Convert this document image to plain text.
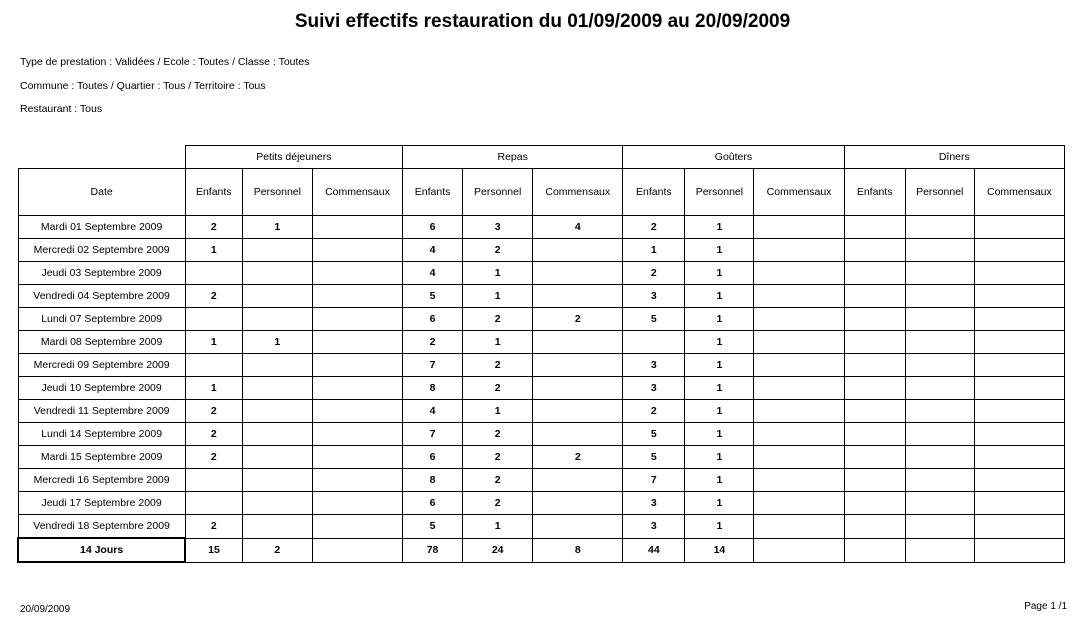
Suivi effectifs restauration du 01/09/2009 au 20/09/2009
Type de prestation : Validées / Ecole : Toutes / Classe : Toutes
Commune : Toutes / Quartier : Tous / Territoire : Tous
Restaurant : Tous
	Petits déjeuners			Repas			Goûters			Dîners		
Date	Enfants	Personnel	Commensaux	Enfants	Personnel	Commensaux	Enfants	Personnel	Commensaux	Enfants	Personnel	Commensaux
Mardi 01 Septembre 2009	2	1		6	3	4	2	1				
Mercredi 02 Septembre 2009	1			4	2		1	1				
Jeudi 03 Septembre 2009				4	1		2	1				
Vendredi 04 Septembre 2009	2			5	1		3	1				
Lundi 07 Septembre 2009				6	2	2	5	1				
Mardi 08 Septembre 2009	1	1		2	1			1				
Mercredi 09 Septembre 2009				7	2		3	1				
Jeudi 10 Septembre 2009	1			8	2		3	1				
Vendredi 11 Septembre 2009	2			4	1		2	1				
Lundi 14 Septembre 2009	2			7	2		5	1				
Mardi 15 Septembre 2009	2			6	2	2	5	1				
Mercredi 16 Septembre 2009				8	2		7	1				
Jeudi 17 Septembre 2009				6	2		3	1				
Vendredi 18 Septembre 2009	2			5	1		3	1				
14 Jours	15	2		78	24	8	44	14				
20/09/2009	Page 1 /1
